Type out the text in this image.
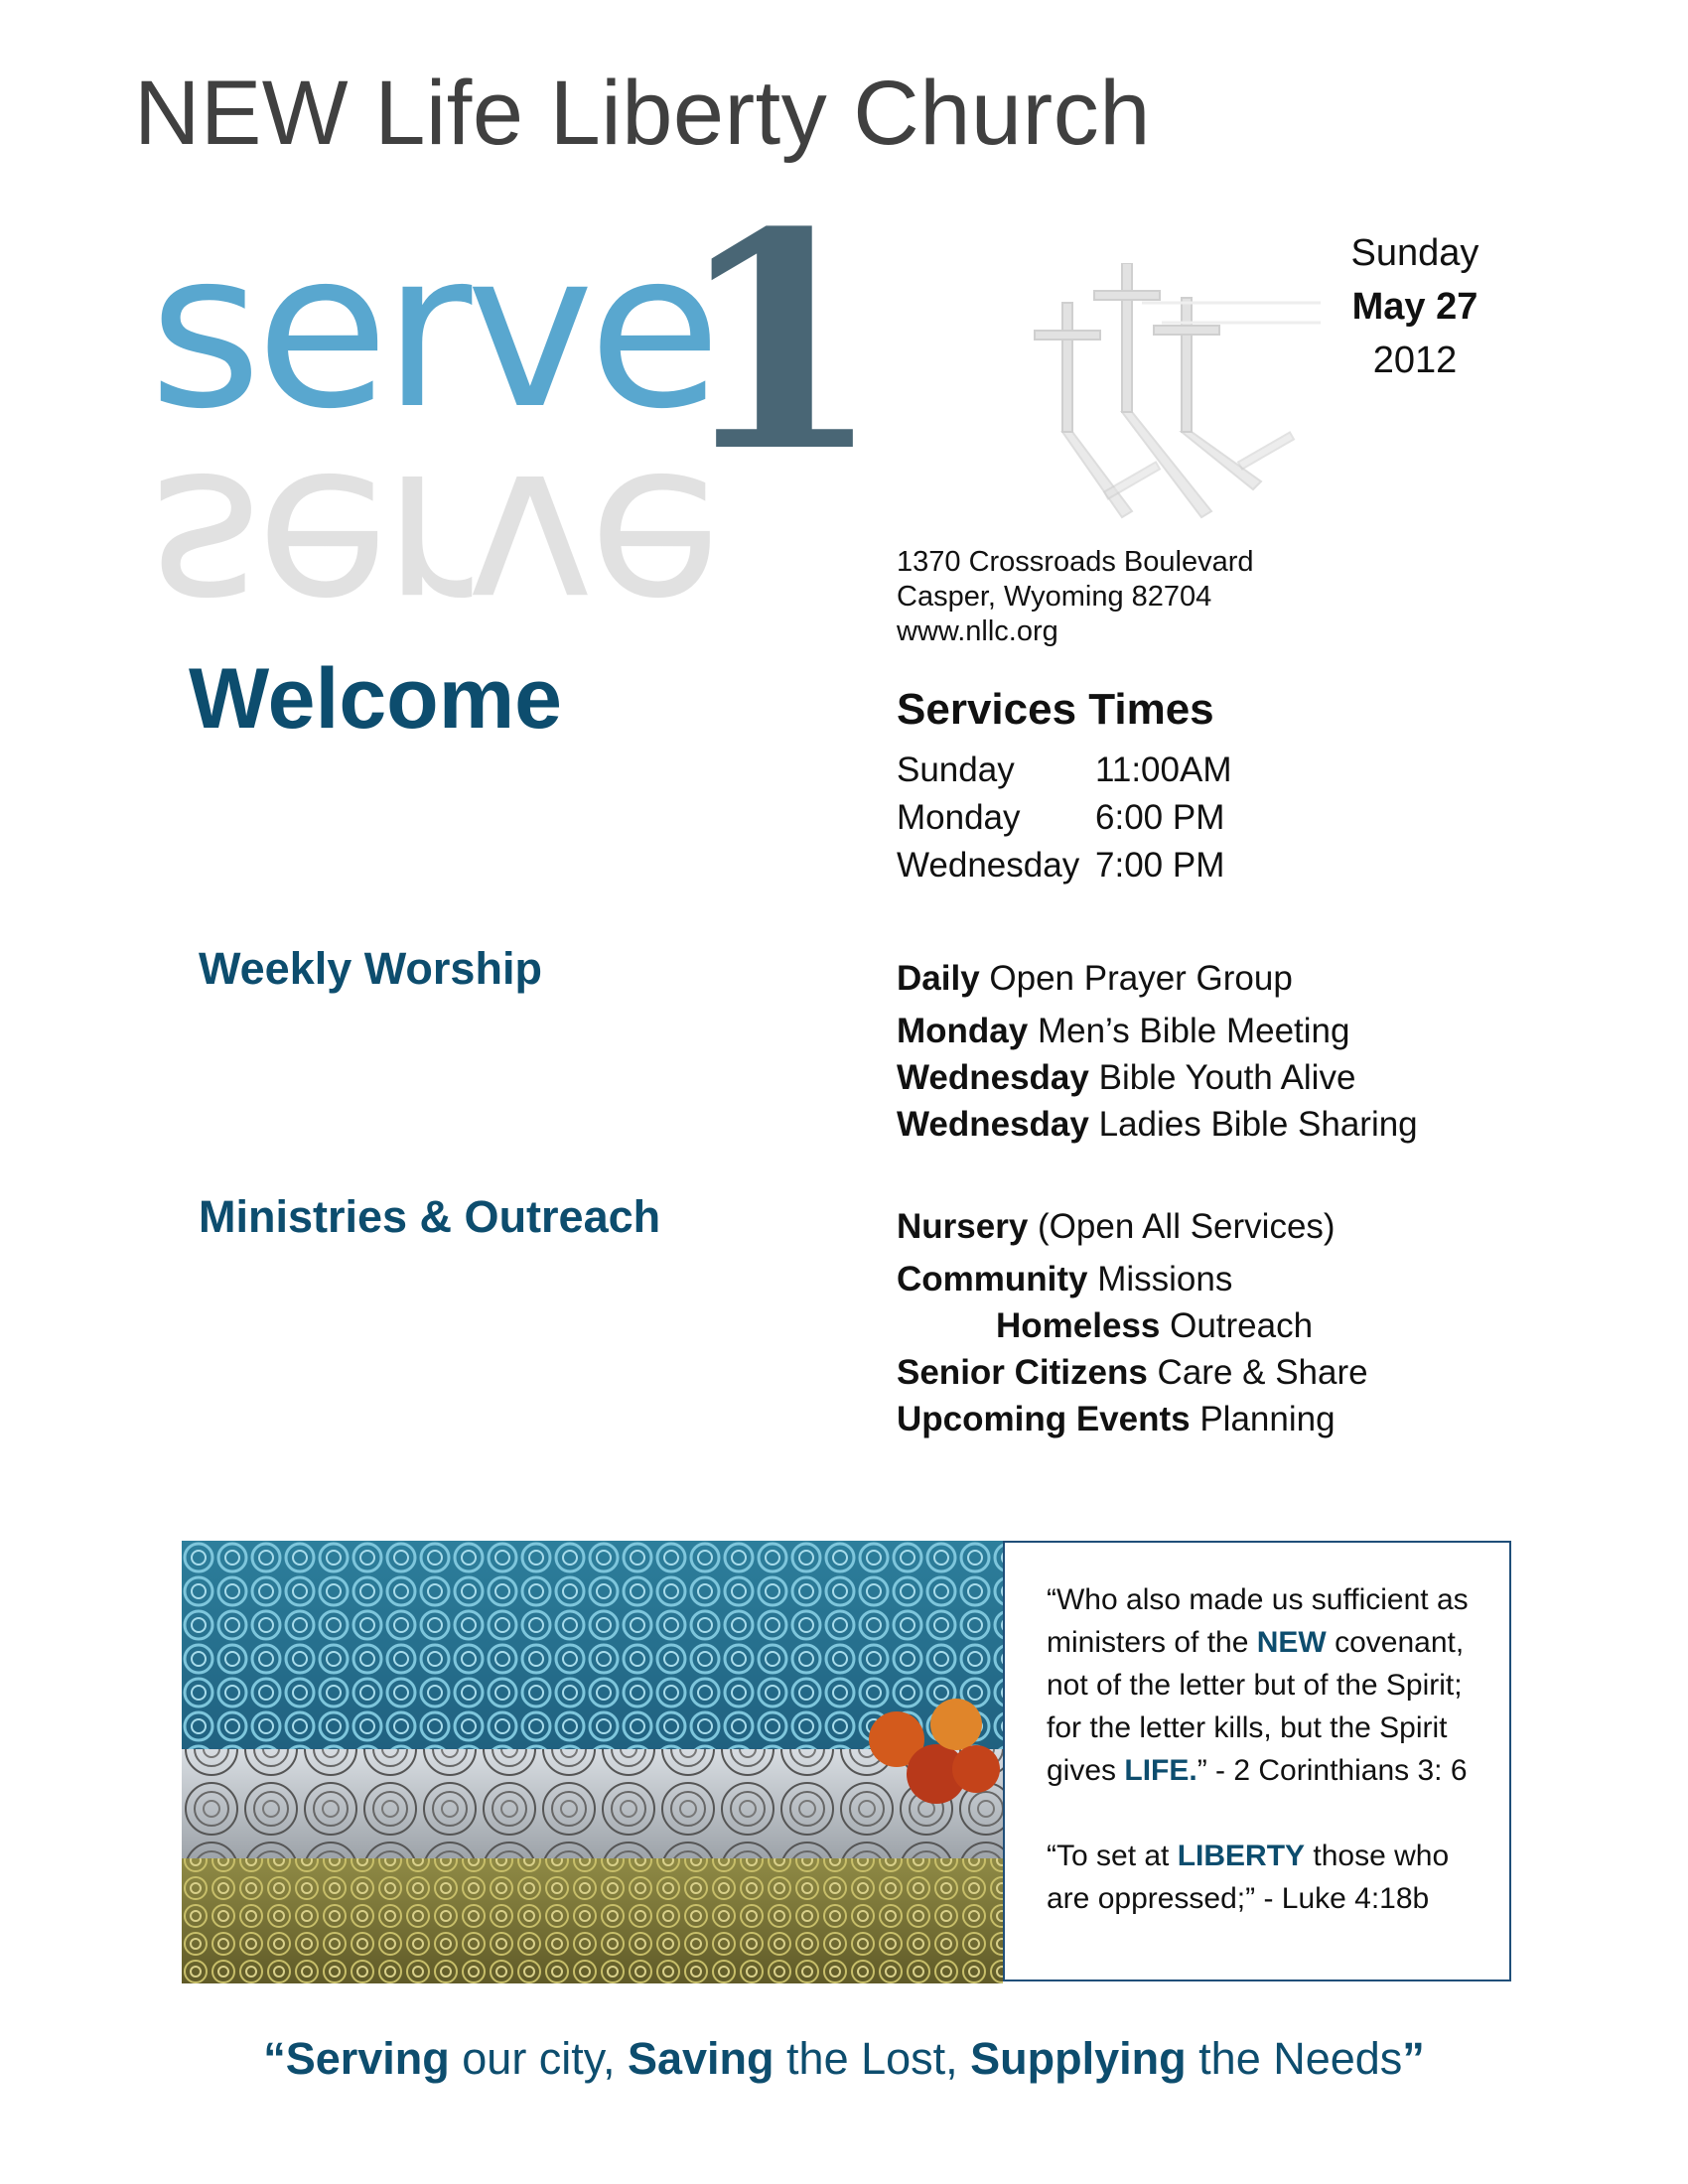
NEW Life Liberty Church
serve
1
serve
Sunday
May 27
2012
1370 Crossroads Boulevard
Casper, Wyoming 82704
www.nllc.org
Welcome	Services Times
Sunday	11:00AM
Monday	6:00 PM
Wednesday 7:00 PM
Weekly Worship	Daily Open Prayer Group
Monday Men’s Bible Meeting
Wednesday Bible Youth Alive
Wednesday Ladies Bible Sharing
Ministries & Outreach	Nursery (Open All Services)
Community Missions
Homeless Outreach
Senior Citizens Care & Share
Upcoming Events Planning
“Who also made us sufficient as
ministers of the NEW covenant,
not of the letter but of the Spirit;
for the letter kills, but the Spirit
gives LIFE.” - 2 Corinthians 3: 6
“To set at LIBERTY those who
are oppressed;” - Luke 4:18b
“Serving our city, Saving the Lost, Supplying the Needs”
